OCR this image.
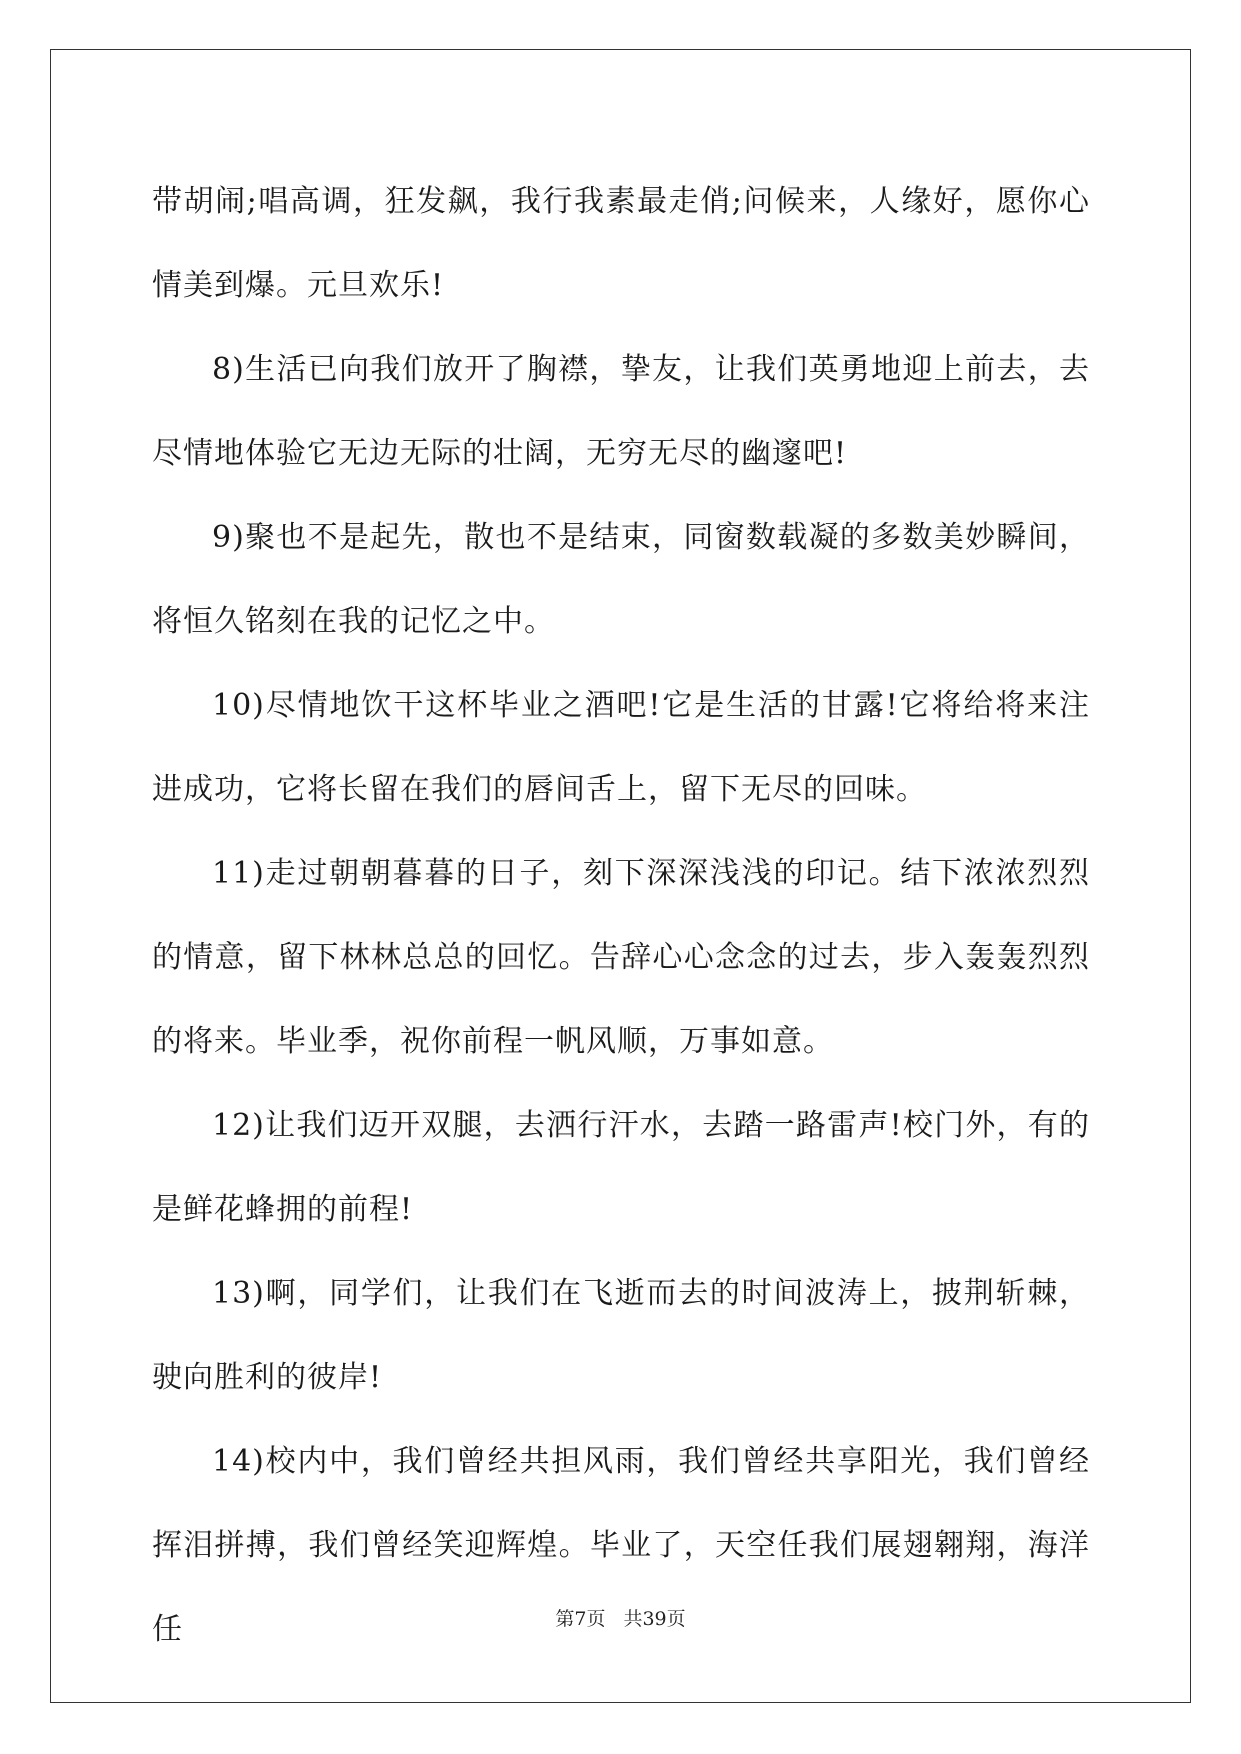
带胡闹;唱高调，狂发飙，我行我素最走俏;问候来，人缘好，愿你心情美到爆。元旦欢乐!

8)生活已向我们放开了胸襟，挚友，让我们英勇地迎上前去，去尽情地体验它无边无际的壮阔，无穷无尽的幽邃吧!

9)聚也不是起先，散也不是结束，同窗数载凝的多数美妙瞬间，将恒久铭刻在我的记忆之中。

10)尽情地饮干这杯毕业之酒吧!它是生活的甘露!它将给将来注进成功，它将长留在我们的唇间舌上，留下无尽的回味。

11)走过朝朝暮暮的日子，刻下深深浅浅的印记。结下浓浓烈烈的情意，留下林林总总的回忆。告辞心心念念的过去，步入轰轰烈烈的将来。毕业季，祝你前程一帆风顺，万事如意。

12)让我们迈开双腿，去洒行汗水，去踏一路雷声!校门外，有的是鲜花蜂拥的前程!

13)啊，同学们，让我们在飞逝而去的时间波涛上，披荆斩棘，驶向胜利的彼岸!

14)校内中，我们曾经共担风雨，我们曾经共享阳光，我们曾经挥泪拼搏，我们曾经笑迎辉煌。毕业了，天空任我们展翅翱翔，海洋任	第7页 共39页
